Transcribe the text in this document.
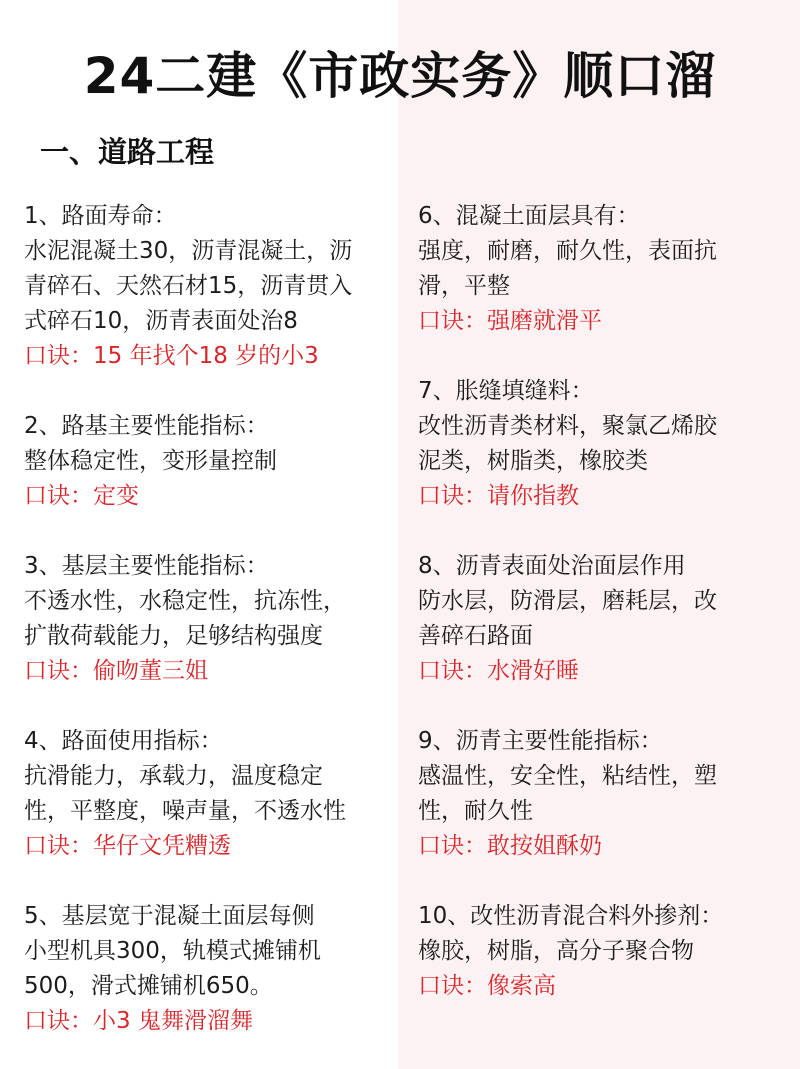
24二建《市政实务》顺口溜
一、道路工程
1、路面寿命：
水泥混凝土30，沥青混凝土，沥
青碎石、天然石材15，沥青贯入
式碎石10，沥青表面处治8
口诀：15 年找个18 岁的小3
2、路基主要性能指标：
整体稳定性，变形量控制
口诀：定变
3、基层主要性能指标：
不透水性，水稳定性，抗冻性，
扩散荷载能力，足够结构强度
口诀：偷吻董三姐
4、路面使用指标：
抗滑能力，承载力，温度稳定
性，平整度，噪声量，不透水性
口诀：华仔文凭糟透
5、基层宽于混凝土面层每侧
小型机具300，轨模式摊铺机
500，滑式摊铺机650。
口诀：小3 鬼舞滑溜舞
6、混凝土面层具有：
强度，耐磨，耐久性，表面抗
滑，平整
口诀：强磨就滑平
7、胀缝填缝料：
改性沥青类材料，聚氯乙烯胶
泥类，树脂类，橡胶类
口诀：请你指教
8、沥青表面处治面层作用
防水层，防滑层，磨耗层，改
善碎石路面
口诀：水滑好睡
9、沥青主要性能指标：
感温性，安全性，粘结性，塑
性，耐久性
口诀：敢按姐酥奶
10、改性沥青混合料外掺剂：
橡胶，树脂，高分子聚合物
口诀：像索高
